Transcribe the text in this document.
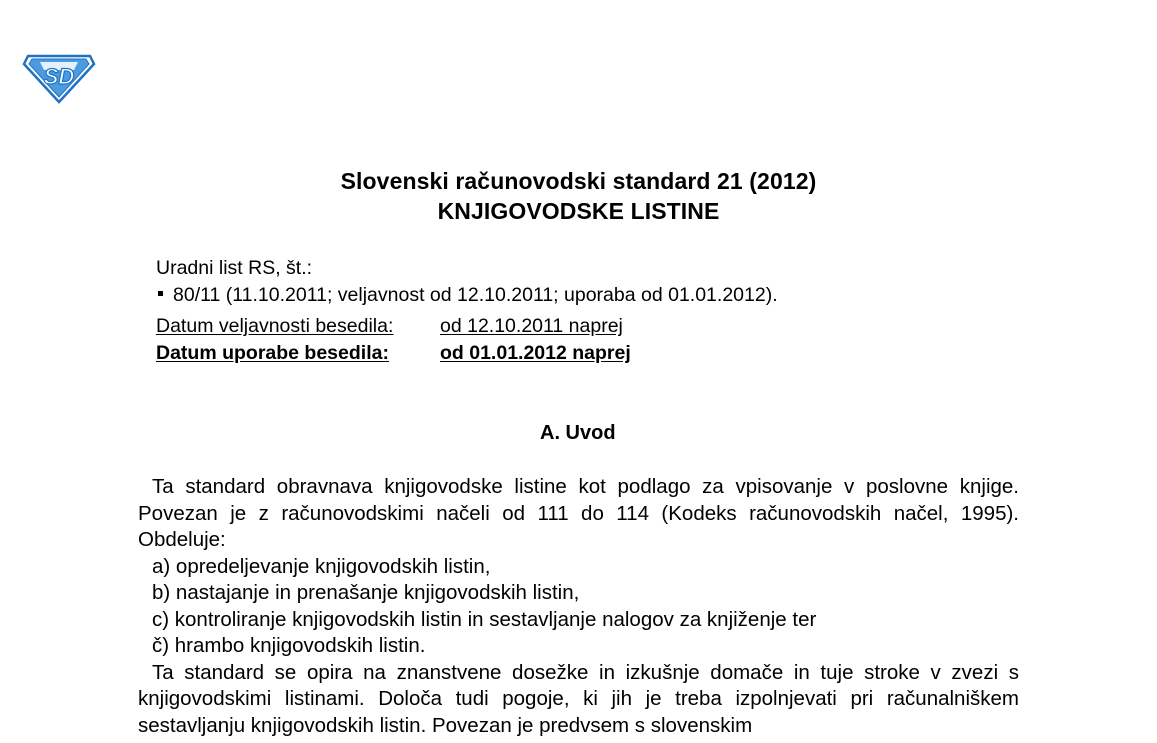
SD
Slovenski računovodski standard 21 (2012)
KNJIGOVODSKE LISTINE
Uradni list RS, št.:
80/11 (11.10.2011; veljavnost od 12.10.2011; uporaba od 01.01.2012).
Datum veljavnosti besedila: od 12.10.2011 naprej
Datum uporabe besedila:	od 01.01.2012 naprej
A. Uvod

Ta standard obravnava knjigovodske listine kot podlago za vpisovanje v poslovne knjige. Povezan je z računovodskimi načeli od 111 do 114 (Kodeks računovodskih načel, 1995). Obdeluje:

a) opredeljevanje knjigovodskih listin,

b) nastajanje in prenašanje knjigovodskih listin,

c) kontroliranje knjigovodskih listin in sestavljanje nalogov za knjiženje ter

č) hrambo knjigovodskih listin.

Ta standard se opira na znanstvene dosežke in izkušnje domače in tuje stroke v zvezi s knjigovodskimi listinami. Določa tudi pogoje, ki jih je treba izpolnjevati pri računalniškem sestavljanju knjigovodskih listin. Povezan je predvsem s slovenskim
